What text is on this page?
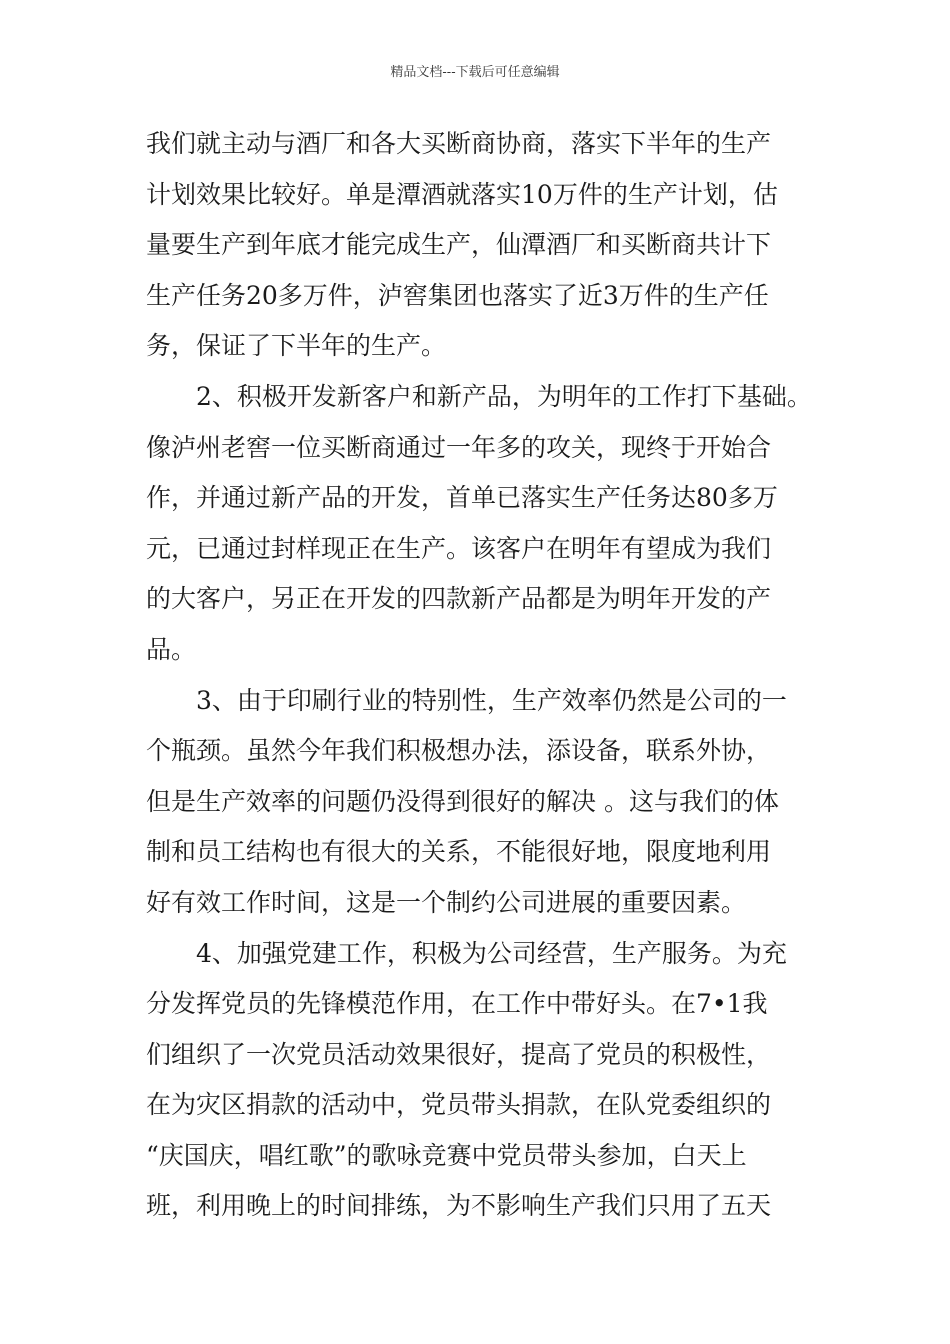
精品文档---下载后可任意编辑
我们就主动与酒厂和各大买断商协商，落实下半年的生产
计划效果比较好。单是潭酒就落实10万件的生产计划，估
量要生产到年底才能完成生产，仙潭酒厂和买断商共计下
生产任务20多万件，泸窖集团也落实了近3万件的生产任
务，保证了下半年的生产。
2、积极开发新客户和新产品，为明年的工作打下基础。
像泸州老窖一位买断商通过一年多的攻关，现终于开始合
作，并通过新产品的开发，首单已落实生产任务达80多万
元，已通过封样现正在生产。该客户在明年有望成为我们
的大客户，另正在开发的四款新产品都是为明年开发的产
品。
3、由于印刷行业的特别性，生产效率仍然是公司的一
个瓶颈。虽然今年我们积极想办法，添设备，联系外协，
但是生产效率的问题仍没得到很好的解决 。这与我们的体
制和员工结构也有很大的关系，不能很好地，限度地利用
好有效工作时间，这是一个制约公司进展的重要因素。
4、加强党建工作，积极为公司经营，生产服务。为充
分发挥党员的先锋模范作用，在工作中带好头。在7•1我
们组织了一次党员活动效果很好，提高了党员的积极性，
在为灾区捐款的活动中，党员带头捐款，在队党委组织的
“庆国庆，唱红歌”的歌咏竞赛中党员带头参加，白天上
班，利用晚上的时间排练，为不影响生产我们只用了五天
